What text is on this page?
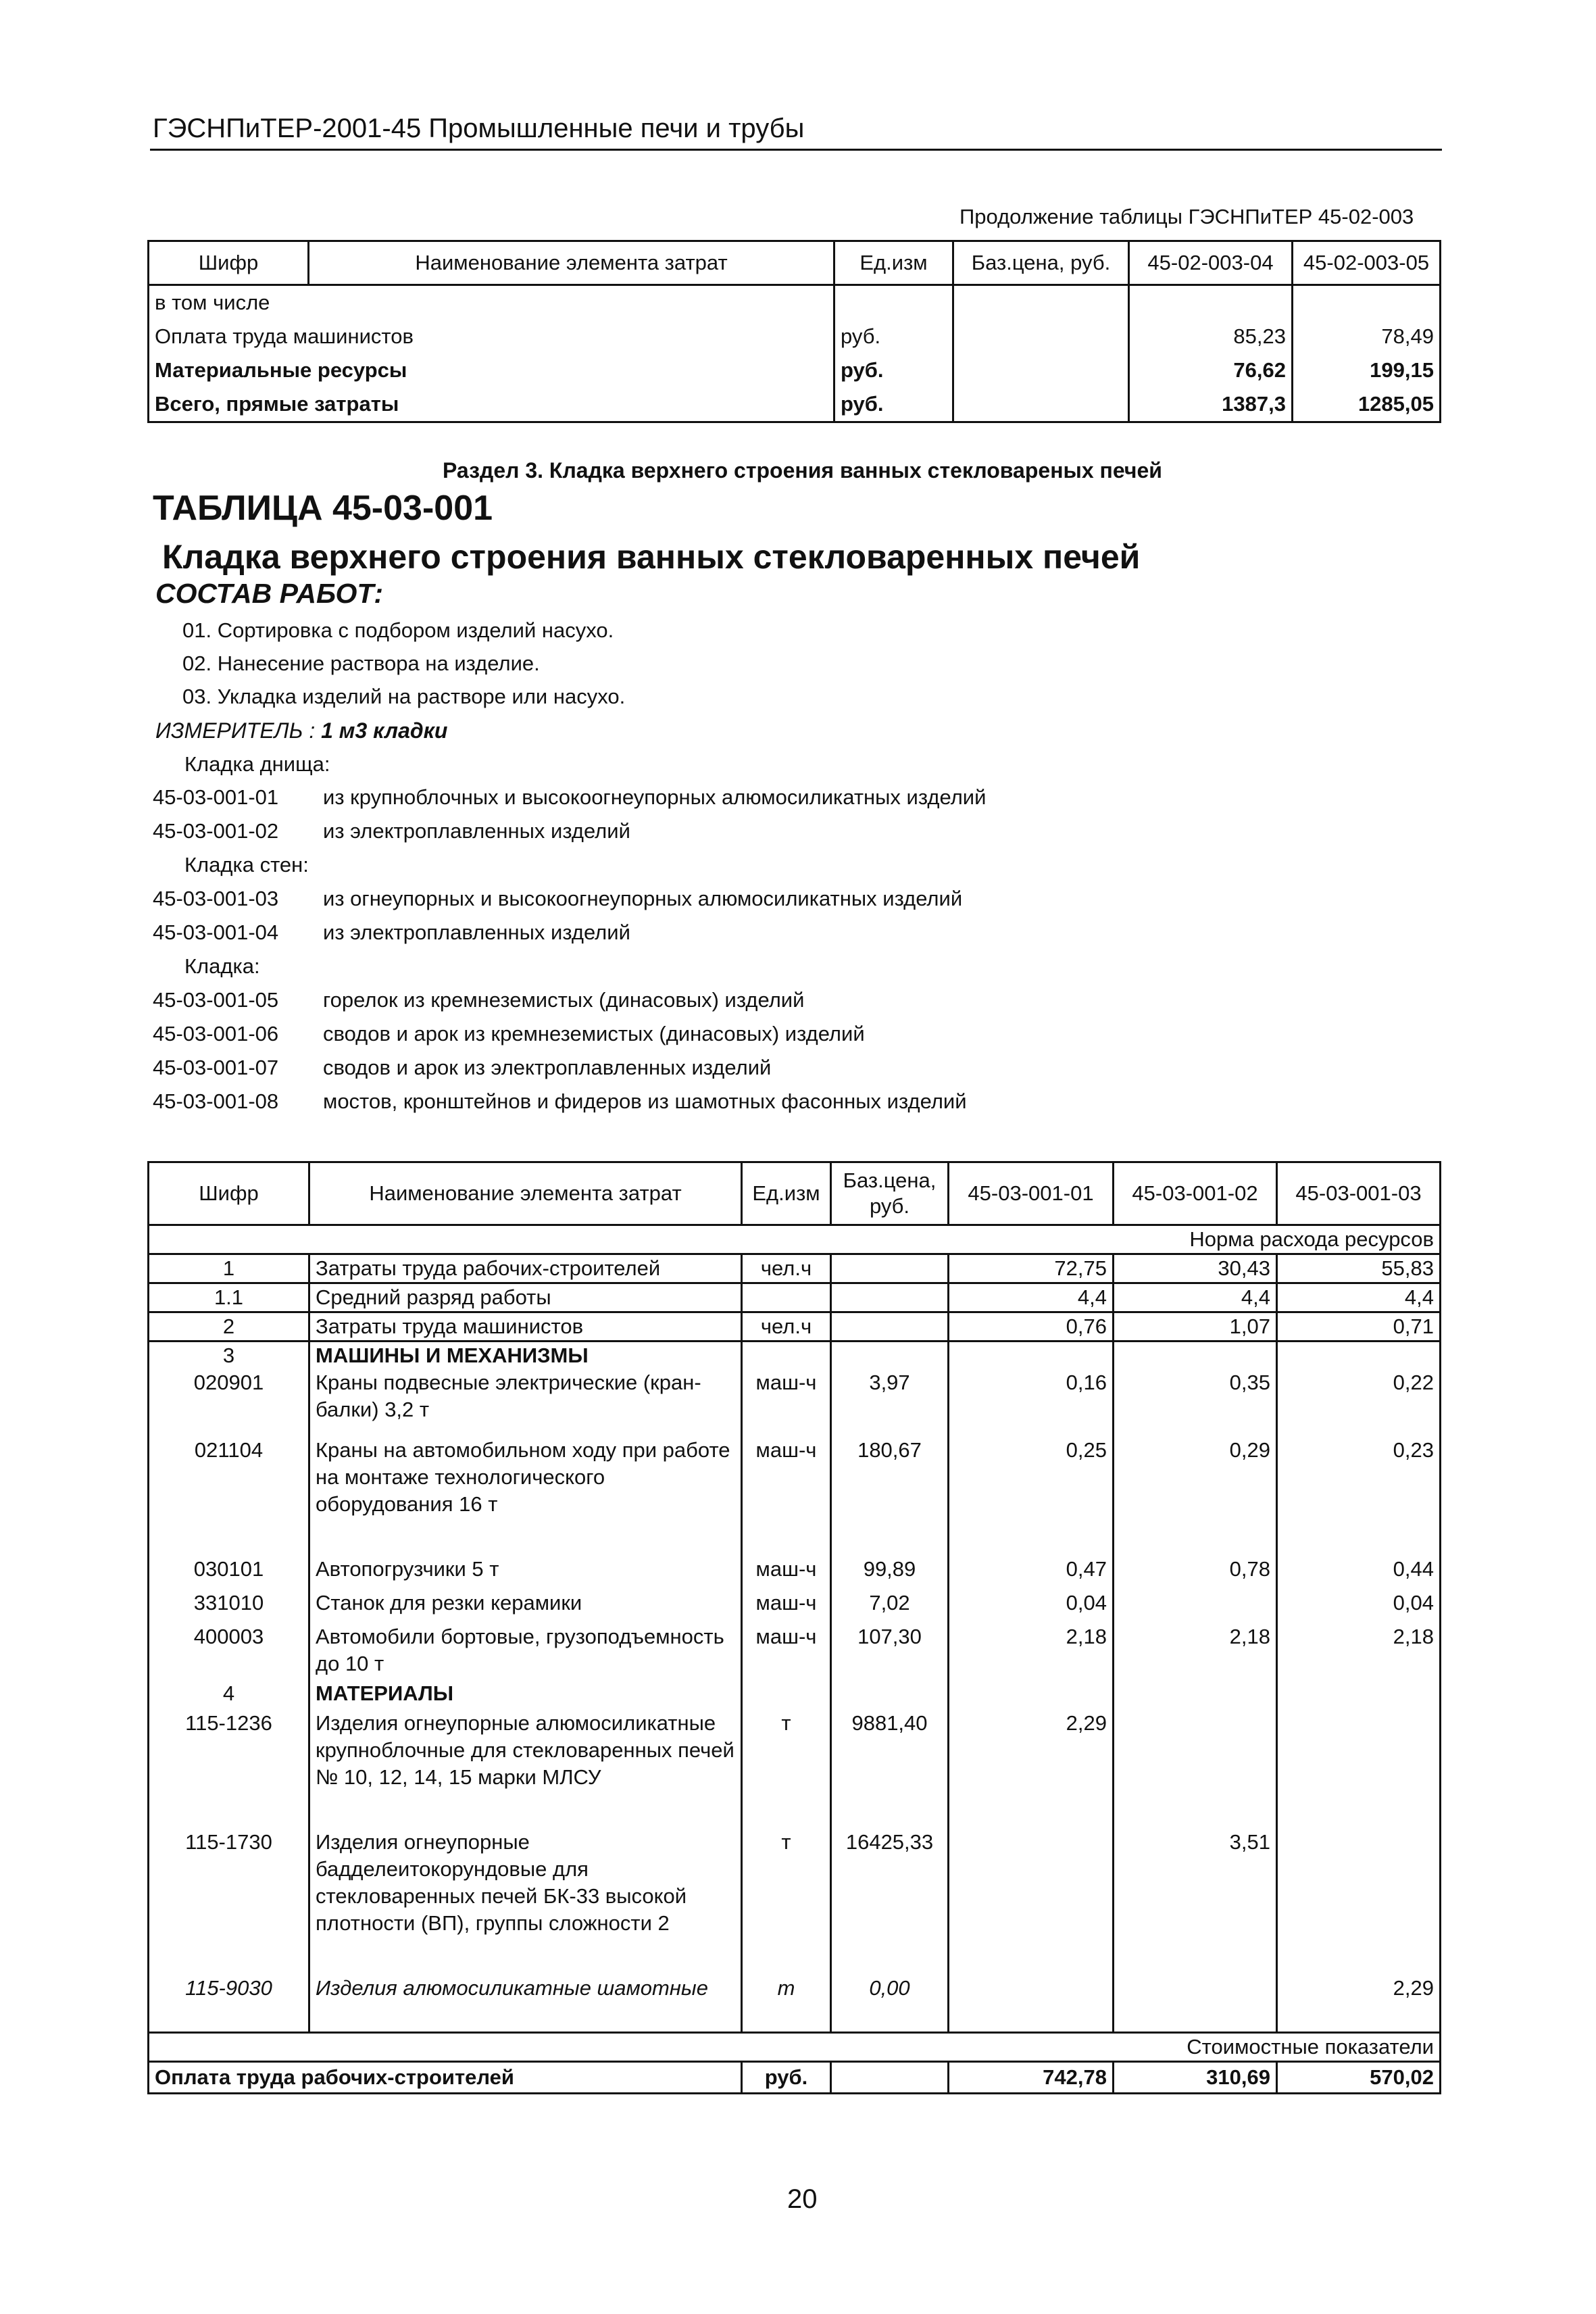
ГЭСНПиТЕР-2001-45 Промышленные печи и трубы
Продолжение таблицы ГЭСНПиТЕР 45-02-003
Шифр	Наименование элемента затрат	Ед.изм	Баз.цена, руб.	45-02-003-04	45-02-003-05
в том числе					
Оплата труда машинистов		руб.		85,23	78,49
Материальные ресурсы		руб.		76,62	199,15
Всего, прямые затраты		руб.		1387,3	1285,05
Раздел 3. Кладка верхнего строения ванных стекловареных печей
ТАБЛИЦА 45-03-001
Кладка верхнего строения ванных стекловаренных печей
СОСТАВ РАБОТ:
01. Сортировка с подбором изделий насухо.
02. Нанесение раствора на изделие.
03. Укладка изделий на растворе или насухо.
ИЗМЕРИТЕЛЬ : 1 м3 кладки
Кладка днища:
45-03-001-01 из крупноблочных и высокоогнеупорных алюмосиликатных изделий
45-03-001-02 из электроплавленных изделий
Кладка стен:
45-03-001-03 из огнеупорных и высокоогнеупорных алюмосиликатных изделий
45-03-001-04 из электроплавленных изделий
Кладка:
45-03-001-05 горелок из кремнеземистых (динасовых) изделий
45-03-001-06 сводов и арок из кремнеземистых (динасовых) изделий
45-03-001-07 сводов и арок из электроплавленных изделий
45-03-001-08 мостов, кронштейнов и фидеров из шамотных фасонных изделий
Шифр	Наименование элемента затрат	Ед.изм	Баз.цена, руб.	45-03-001-01	45-03-001-02	45-03-001-03
Норма расхода ресурсов						
1	Затраты труда рабочих-строителей	чел.ч		72,75	30,43	55,83
1.1	Средний разряд работы			4,4	4,4	4,4
2	Затраты труда машинистов	чел.ч		0,76	1,07	0,71
3	МАШИНЫ И МЕХАНИЗМЫ					
020901	Краны подвесные электрические (кран-балки) 3,2 т	маш-ч	3,97	0,16	0,35	0,22
021104	Краны на автомобильном ходу при работе на монтаже технологического оборудования 16 т	маш-ч	180,67	0,25	0,29	0,23
030101	Автопогрузчики 5 т	маш-ч	99,89	0,47	0,78	0,44
331010	Станок для резки керамики	маш-ч	7,02	0,04		0,04
400003	Автомобили бортовые, грузоподъемность до 10 т	маш-ч	107,30	2,18	2,18	2,18
4	МАТЕРИАЛЫ					
115-1236	Изделия огнеупорные алюмосиликатные крупноблочные для стекловаренных печей № 10, 12, 14, 15 марки МЛСУ	т	9881,40	2,29		
115-1730	Изделия огнеупорные бадделеитокорундовые для стекловаренных печей БК-33 высокой плотности (ВП), группы сложности 2	т	16425,33		3,51	
115-9030	Изделия алюмосиликатные шамотные	т	0,00			2,29
Стоимостные показатели						
Оплата труда рабочих-строителей		руб.		742,78	310,69	570,02
20
